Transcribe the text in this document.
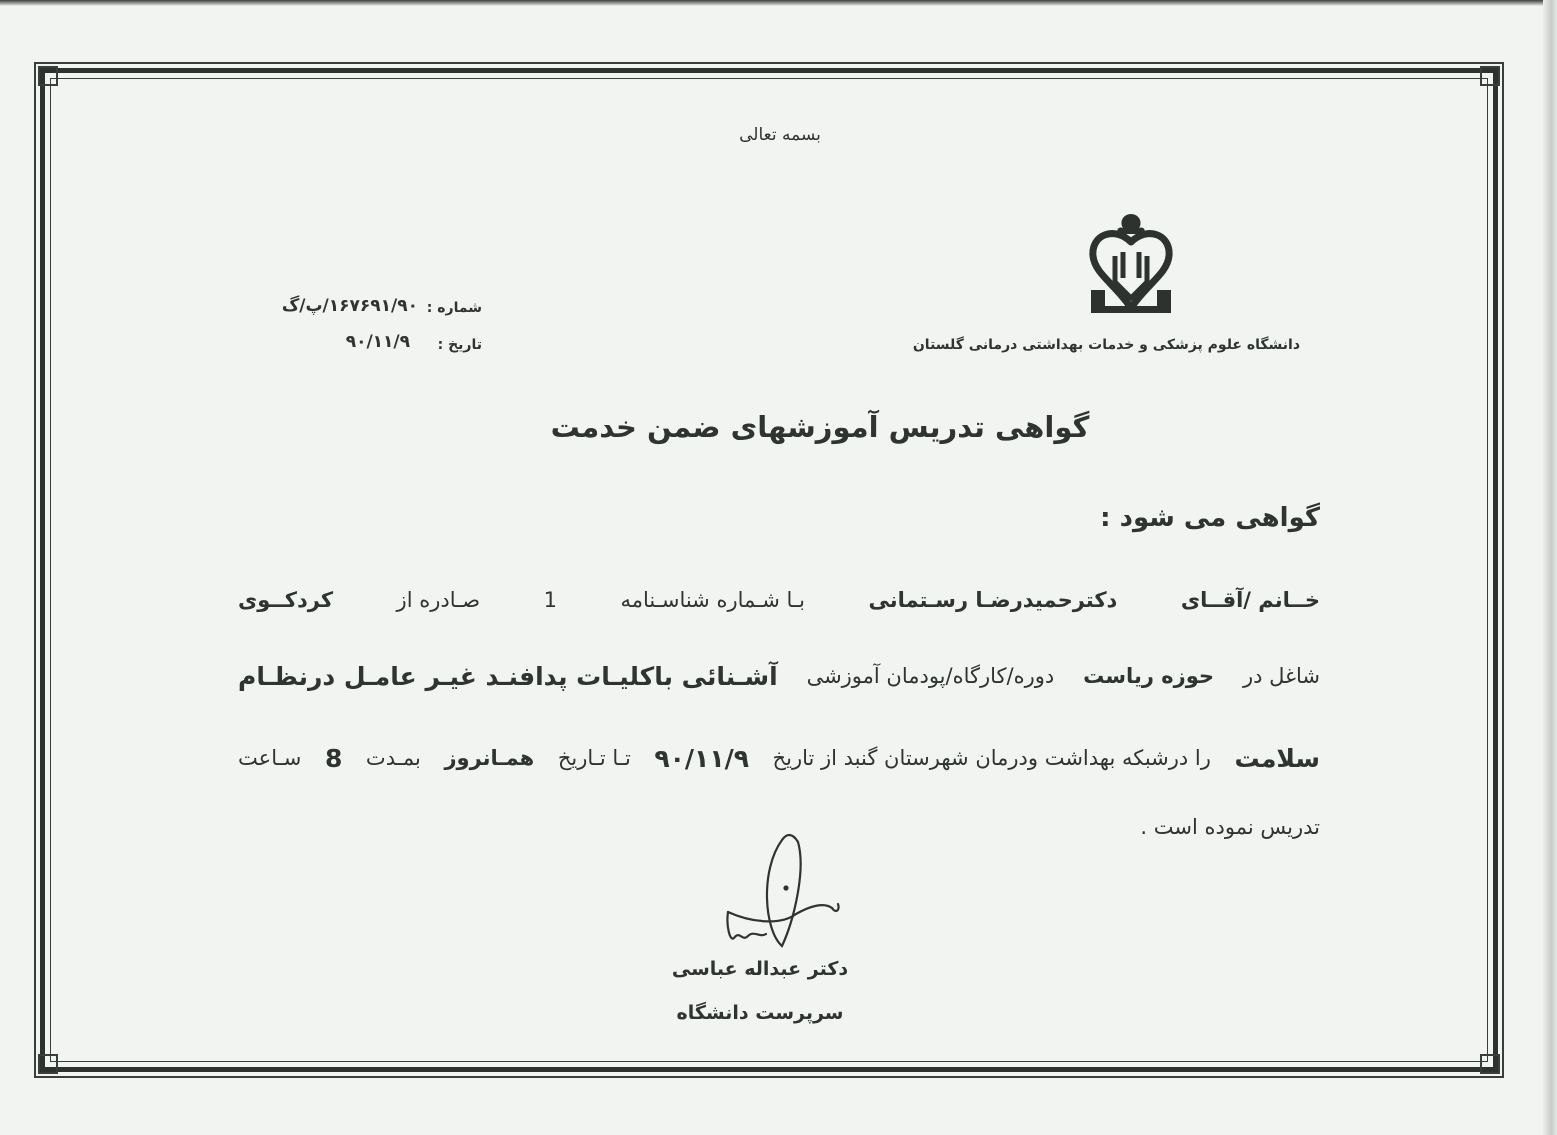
بسمه تعالی
دانشگاه علوم پزشکی و خدمات بهداشتی درمانی گلستان
شماره :
۱۶۷۶۹۱/۹۰/پ/گ
تاریخ :
۹۰/۱۱/۹
گواهی تدریس آموزشهای ضمن خدمت
گواهی می شود :
خــانم /آقــای
دکترحمیدرضـا رسـتمانی
بـا شـماره شناسـنامه
1
صـادره از
کردکــوی
شاغل در
حوزه ریاست
دوره/کارگاه/پودمان آموزشی
آشـنائی باکلیـات پدافنـد غیـر عامـل درنظـام
سلامت
را درشبکه بهداشت ودرمان شهرستان گنبد از تاریخ
۹۰/۱۱/۹
تـا تـاریخ
همـانروز
بمـدت
8
سـاعت
تدریس نموده است .
دکتر عبداله عباسی
سرپرست دانشگاه
